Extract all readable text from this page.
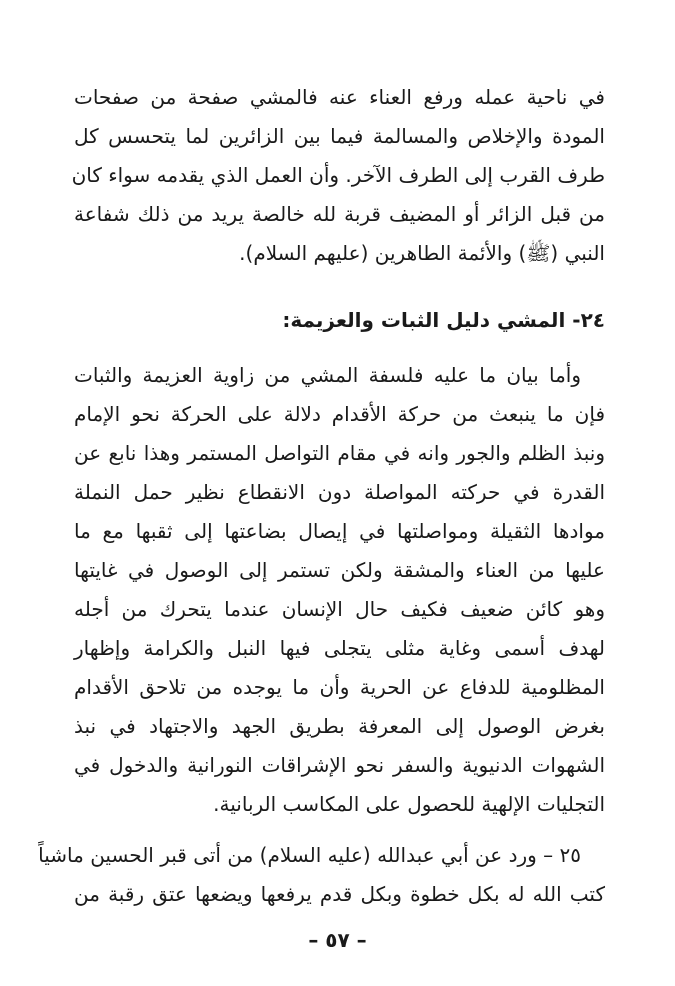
في ناحية عمله ورفع العناء عنه فالمشي صفحة من صفحات
المودة والإخلاص والمسالمة فيما بين الزائرين لما يتحسس كل
طرف القرب إلى الطرف الآخر. وأن العمل الذي يقدمه سواء كان
من قبل الزائر أو المضيف قربة لله خالصة يريد من ذلك شفاعة
النبي (ﷺ) والأئمة الطاهرين (عليهم السلام).

٢٤- المشي دليل الثبات والعزيمة:

وأما بيان ما عليه فلسفة المشي من زاوية العزيمة والثبات
فإن ما ينبعث من حركة الأقدام دلالة على الحركة نحو الإمام
ونبذ الظلم والجور وانه في مقام التواصل المستمر وهذا نابع عن
القدرة في حركته المواصلة دون الانقطاع نظير حمل النملة
موادها الثقيلة ومواصلتها في إيصال بضاعتها إلى ثقبها مع ما
عليها من العناء والمشقة ولكن تستمر إلى الوصول في غايتها
وهو كائن ضعيف فكيف حال الإنسان عندما يتحرك من أجله
لهدف أسمى وغاية مثلى يتجلى فيها النبل والكرامة وإظهار
المظلومية للدفاع عن الحرية وأن ما يوجده من تلاحق الأقدام
بغرض الوصول إلى المعرفة بطريق الجهد والاجتهاد في نبذ
الشهوات الدنيوية والسفر نحو الإشراقات النورانية والدخول في
التجليات الإلهية للحصول على المكاسب الربانية.

٢٥ – ورد عن أبي عبدالله (عليه السلام) من أتى قبر الحسين ماشياً
كتب الله له بكل خطوة وبكل قدم يرفعها ويضعها عتق رقبة من

– ٥٧ –
